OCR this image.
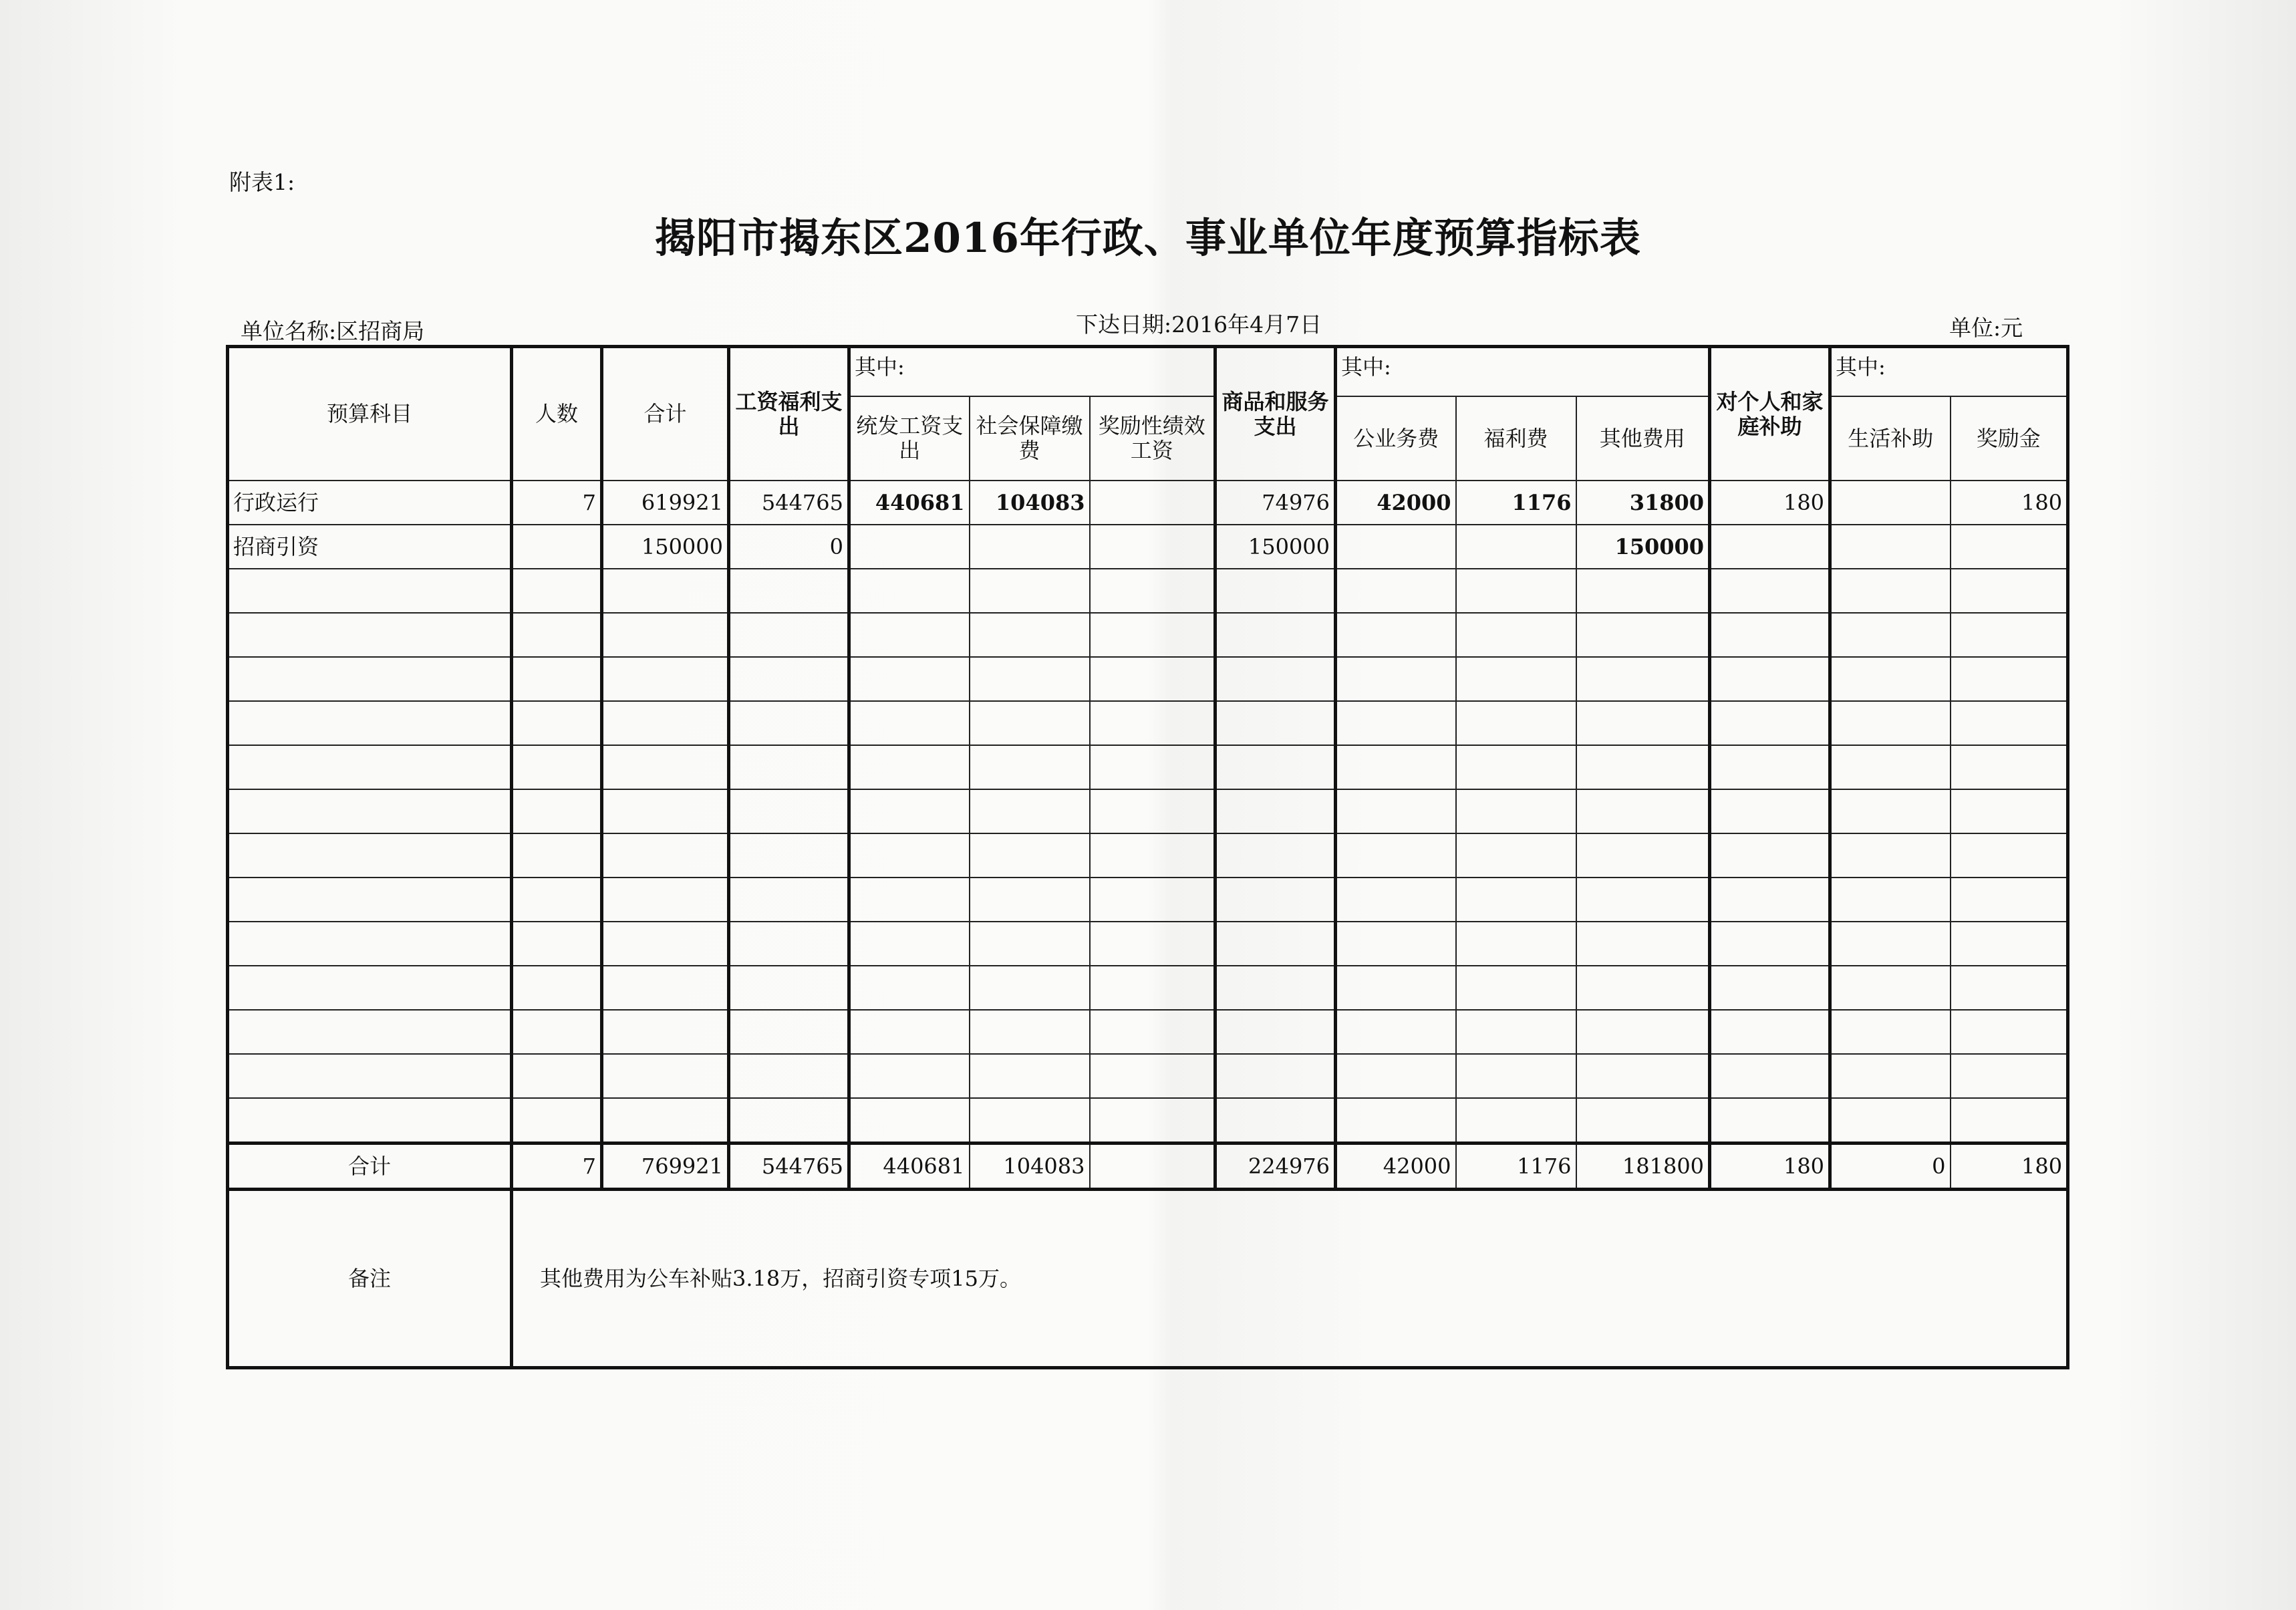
附表1:
揭阳市揭东区2016年行政、事业单位年度预算指标表
单位名称:区招商局	下达日期:2016年4月7日	单位:元
预算科目	人数	合计	工资福利支出	其中:			商品和服务支出	其中:			对个人和家庭补助	其中:	
				统发工资支出	社会保障缴费	奖励性绩效工资		公业务费	福利费	其他费用		生活补助	奖励金
行政运行	7	619921	544765	440681	104083		74976	42000	1176	31800	180		180
招商引资		150000	0				150000			150000			

合计	7	769921	544765	440681	104083		224976	42000	1176	181800	180	0	180
备注	其他费用为公车补贴3.18万，招商引资专项15万。												
